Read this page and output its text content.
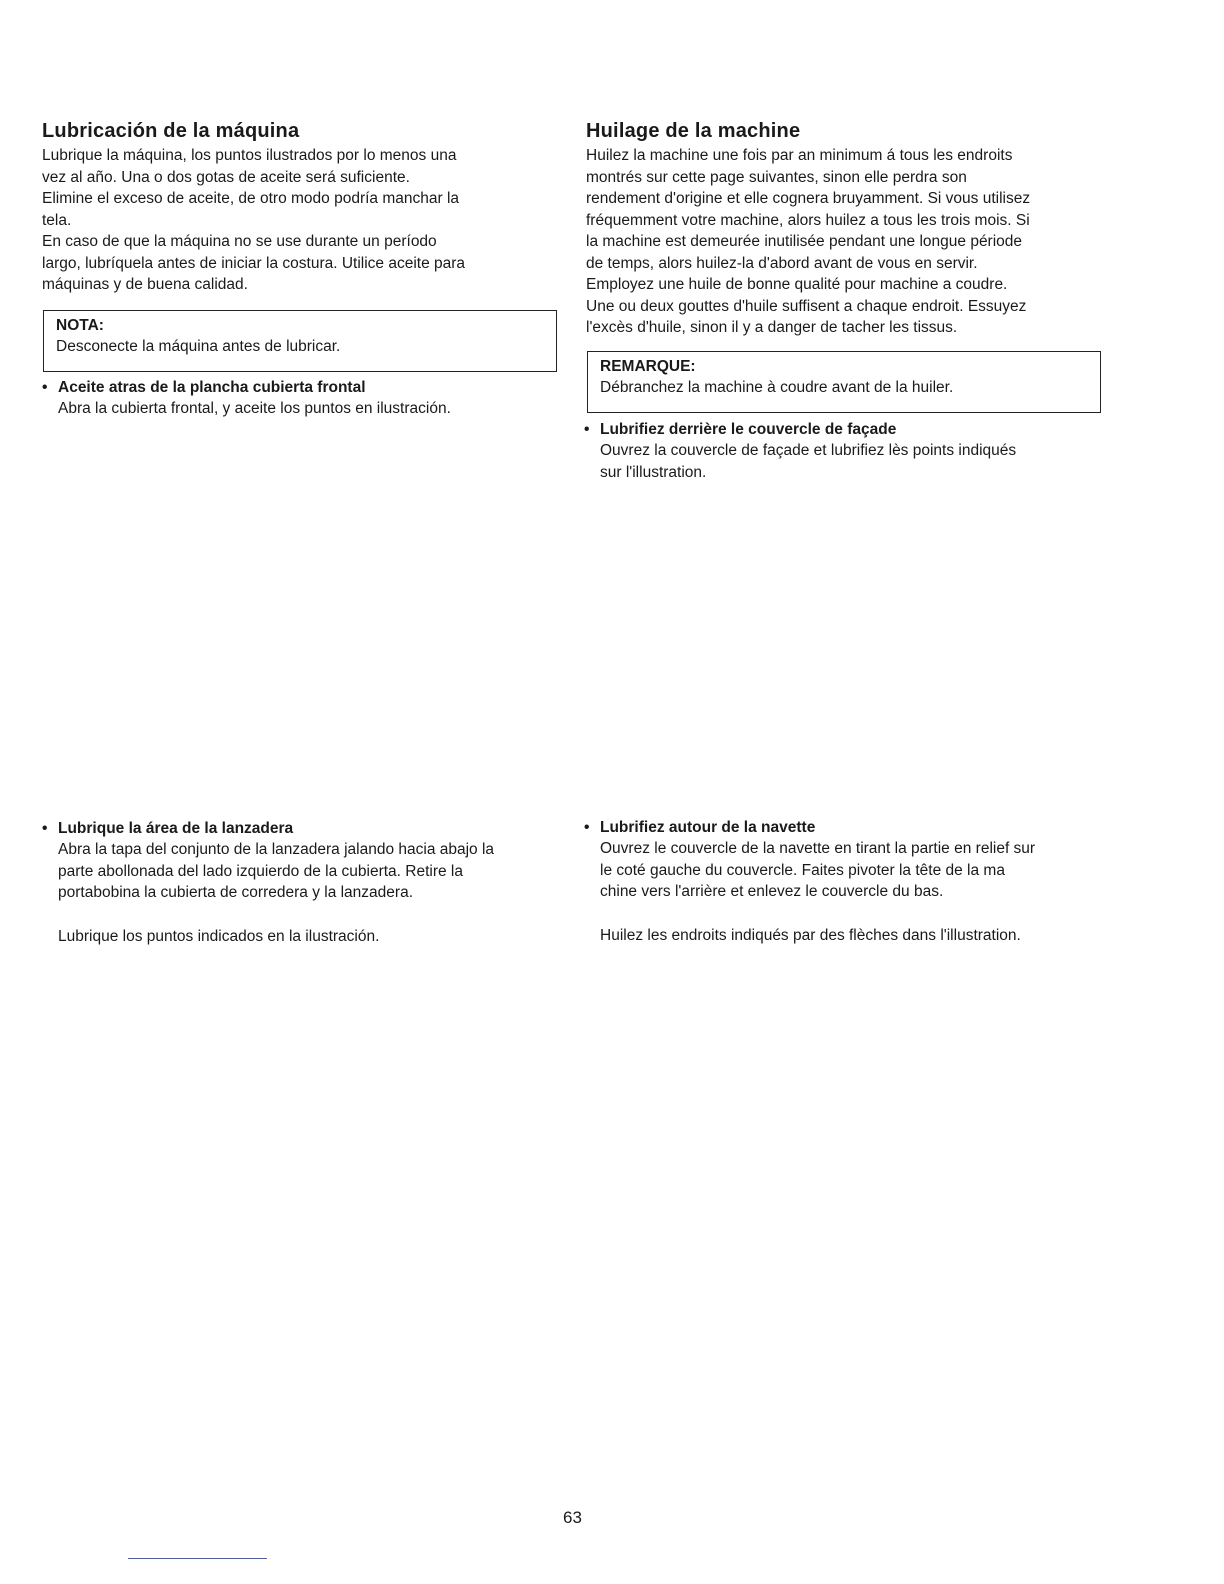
Lubricación de la máquina
Lubrique la máquina, los puntos ilustrados por lo menos una
vez al año. Una o dos gotas de aceite será suficiente.
Elimine el exceso de aceite, de otro modo podría manchar la
tela.
En caso de que la máquina no se use durante un período
largo, lubríquela antes de iniciar la costura. Utilice aceite para
máquinas y de buena calidad.
NOTA:
Desconecte la máquina antes de lubricar.
• Aceite atras de la plancha cubierta frontal
Abra la cubierta frontal, y aceite los puntos en ilustración.
Huilage de la machine
Huilez la machine une fois par an minimum á tous les endroits
montrés sur cette page suivantes, sinon elle perdra son
rendement d'origine et elle cognera bruyamment. Si vous utilisez
fréquemment votre machine, alors huilez a tous les trois mois. Si
la machine est demeurée inutilisée pendant une longue période
de temps, alors huilez-la d'abord avant de vous en servir.
Employez une huile de bonne qualité pour machine a coudre.
Une ou deux gouttes d'huile suffisent a chaque endroit. Essuyez
l'excès d'huile, sinon il y a danger de tacher les tissus.
REMARQUE:
Débranchez la machine à coudre avant de la huiler.
• Lubrifiez derrière le couvercle de façade
Ouvrez la couvercle de façade et lubrifiez lès points indiqués
sur l'illustration.
• Lubrique la área de la lanzadera
Abra la tapa del conjunto de la lanzadera jalando hacia abajo la
parte abollonada del lado izquierdo de la cubierta. Retire la
portabobina la cubierta de corredera y la lanzadera.
Lubrique los puntos indicados en la ilustración.
• Lubrifiez autour de la navette
Ouvrez le couvercle de la navette en tirant la partie en relief sur
le coté gauche du couvercle. Faites pivoter la tête de la ma
chine vers l'arrière et enlevez le couvercle du bas.
Huilez les endroits indiqués par des flèches dans l'illustration.
63
